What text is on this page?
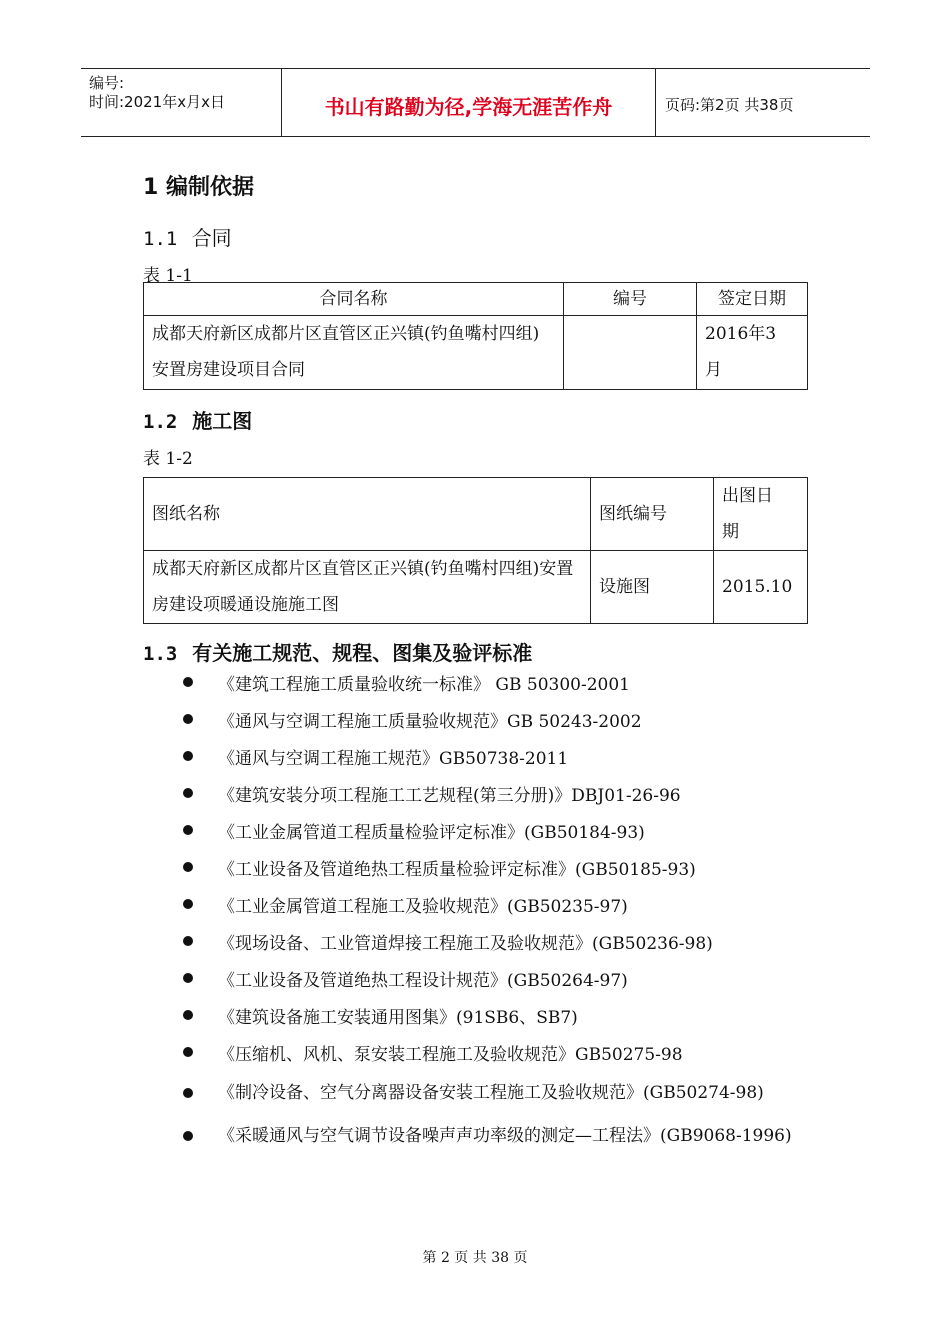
编号:
时间:2021年x月x日	书山有路勤为径,学海无涯苦作舟	页码:第2页 共38页
1 编制依据
1.1 合同
表 1-1
合同名称	编号	签定日期
成都天府新区成都片区直管区正兴镇(钓鱼嘴村四组)安置房建设项目合同		2016年3月
1.2 施工图
表 1-2
图纸名称	图纸编号	出图日期
成都天府新区成都片区直管区正兴镇(钓鱼嘴村四组)安置房建设项暖通设施施工图	设施图	2015.10
1.3 有关施工规范、规程、图集及验评标准
《建筑工程施工质量验收统一标准》 GB 50300-2001
《通风与空调工程施工质量验收规范》GB 50243-2002
《通风与空调工程施工规范》GB50738-2011
《建筑安装分项工程施工工艺规程(第三分册)》DBJ01-26-96
《工业金属管道工程质量检验评定标准》(GB50184-93)
《工业设备及管道绝热工程质量检验评定标准》(GB50185-93)
《工业金属管道工程施工及验收规范》(GB50235-97)
《现场设备、工业管道焊接工程施工及验收规范》(GB50236-98)
《工业设备及管道绝热工程设计规范》(GB50264-97)
《建筑设备施工安装通用图集》(91SB6、SB7)
《压缩机、风机、泵安装工程施工及验收规范》GB50275-98
《制冷设备、空气分离器设备安装工程施工及验收规范》(GB50274-98)
《采暖通风与空气调节设备噪声声功率级的测定—工程法》(GB9068-1996)
第 2 页 共 38 页
